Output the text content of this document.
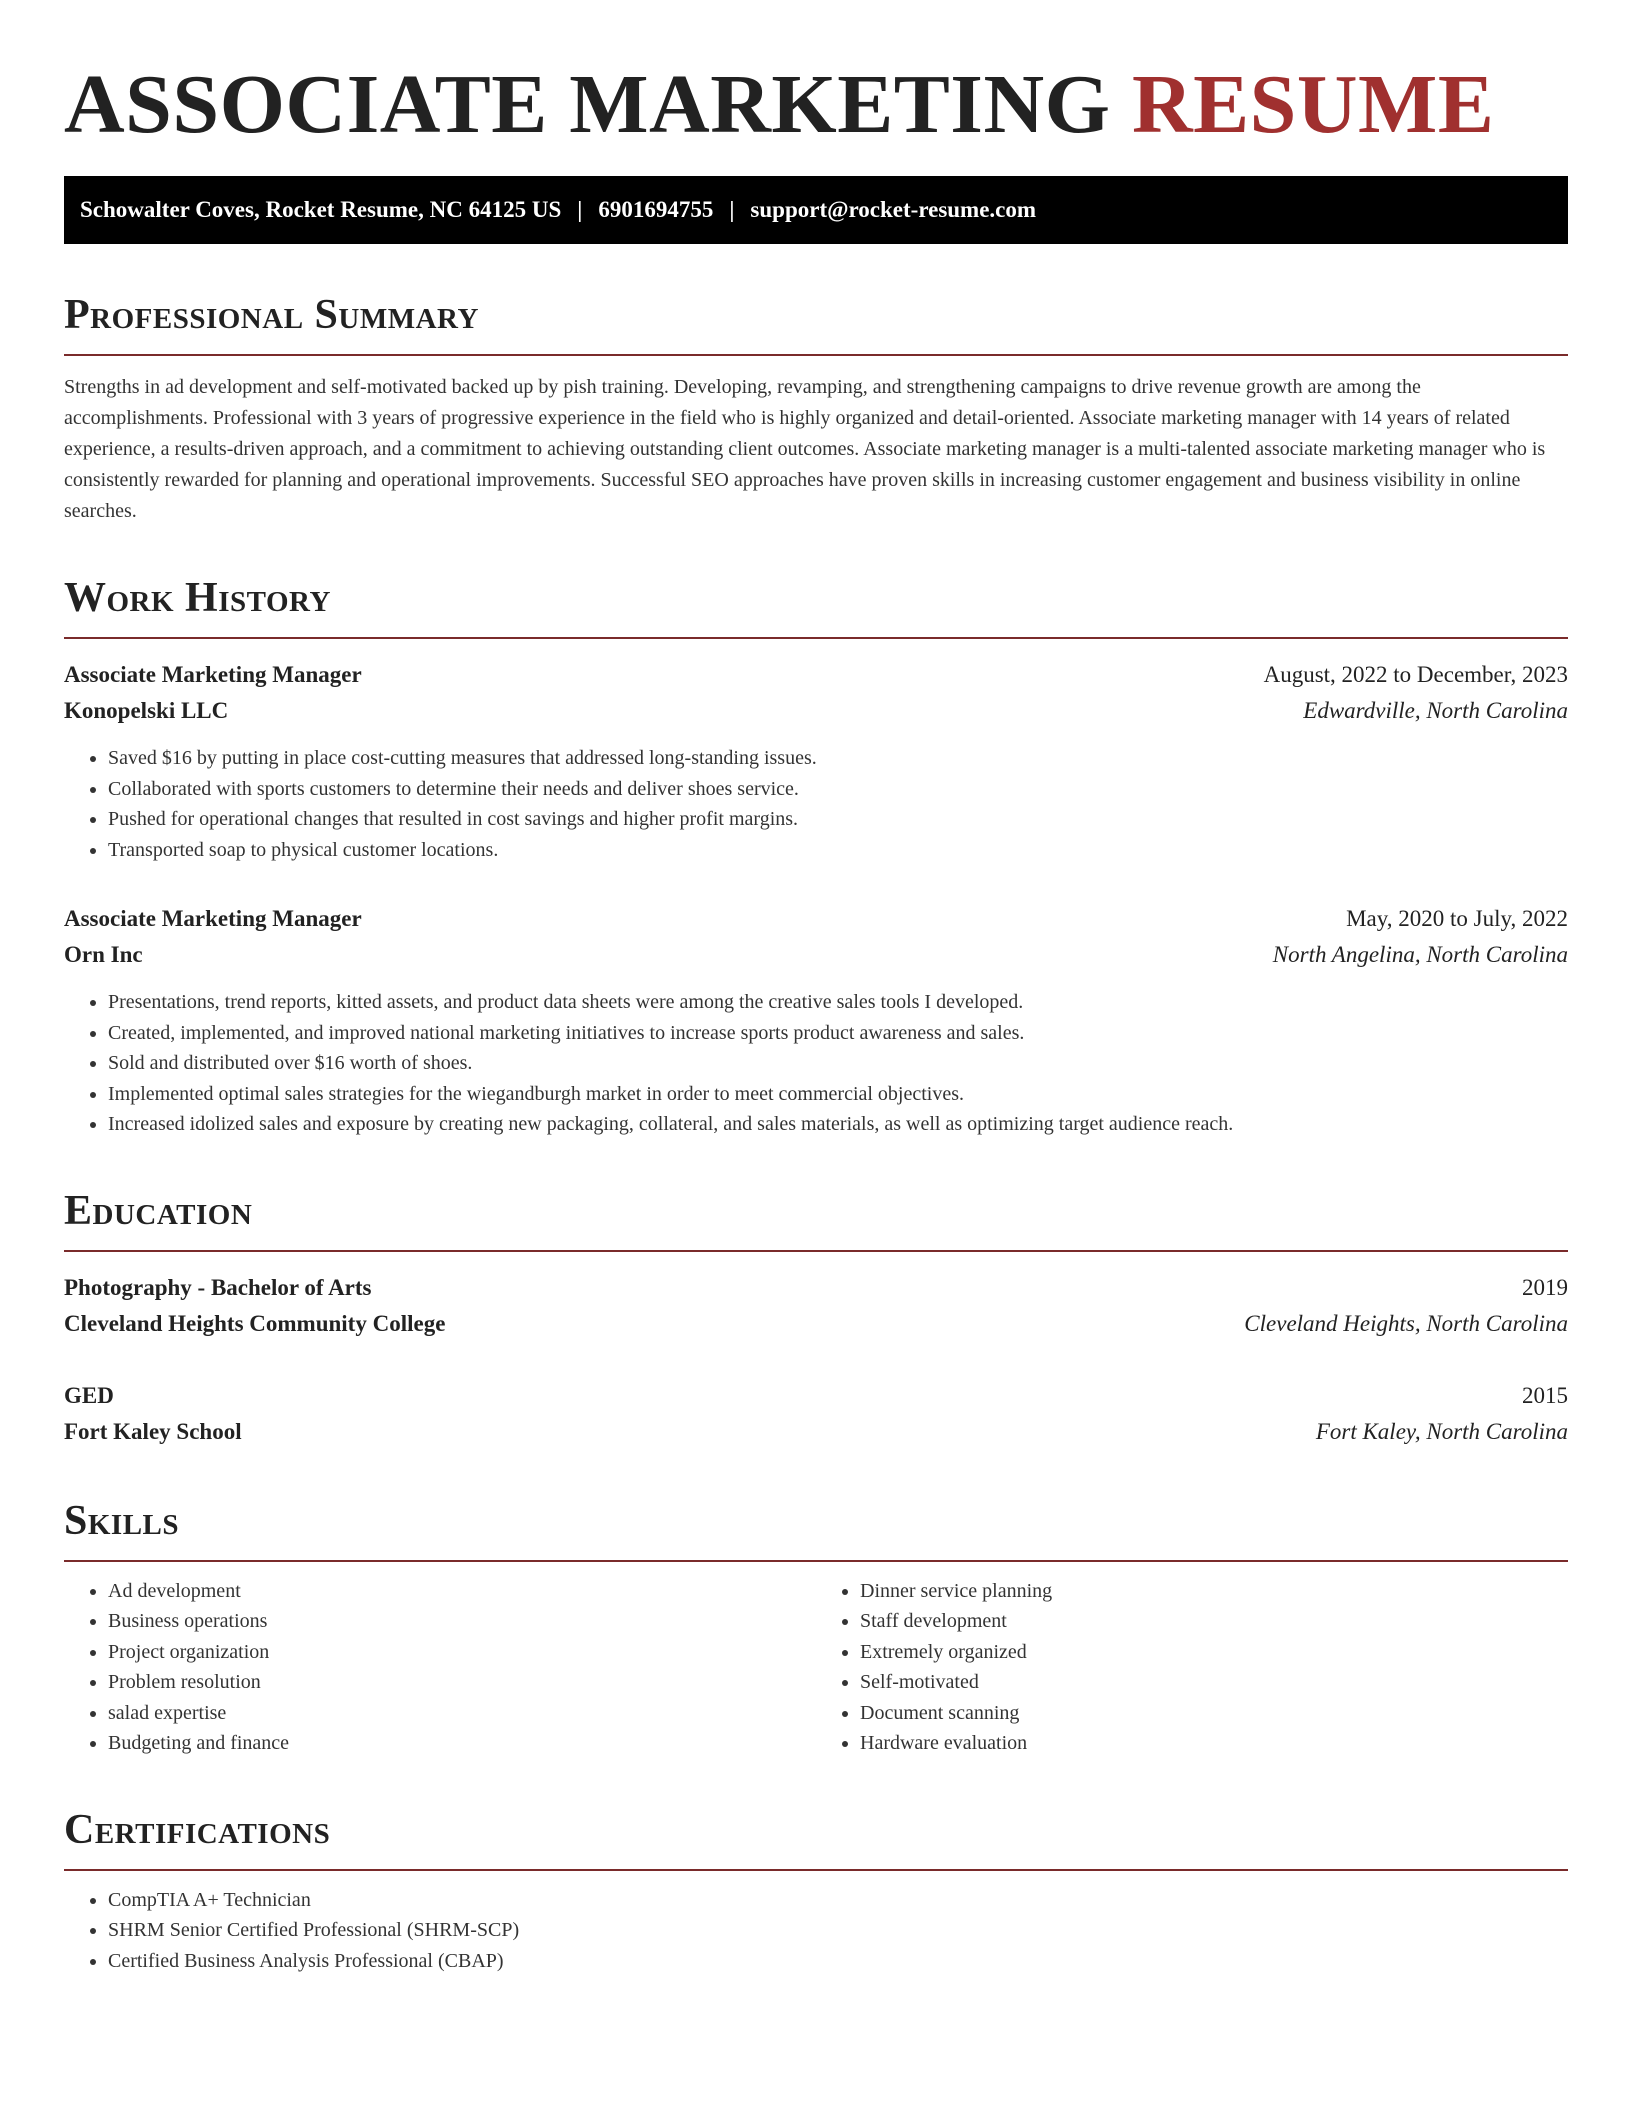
ASSOCIATE MARKETING RESUME
Schowalter Coves, Rocket Resume, NC 64125 US | 6901694755 | support@rocket-resume.com
Professional Summary

Strengths in ad development and self-motivated backed up by pish training. Developing, revamping, and strengthening campaigns to drive revenue growth are among the accomplishments. Professional with 3 years of progressive experience in the field who is highly organized and detail-oriented. Associate marketing manager with 14 years of related experience, a results-driven approach, and a commitment to achieving outstanding client outcomes. Associate marketing manager is a multi-talented associate marketing manager who is consistently rewarded for planning and operational improvements. Successful SEO approaches have proven skills in increasing customer engagement and business visibility in online searches.

Work History
Associate Marketing Manager	August, 2022 to December, 2023
Konopelski LLC	Edwardville, North Carolina
• Saved $16 by putting in place cost-cutting measures that addressed long-standing issues.
• Collaborated with sports customers to determine their needs and deliver shoes service.
• Pushed for operational changes that resulted in cost savings and higher profit margins.
• Transported soap to physical customer locations.
Associate Marketing Manager	May, 2020 to July, 2022
Orn Inc	North Angelina, North Carolina
• Presentations, trend reports, kitted assets, and product data sheets were among the creative sales tools I developed.
• Created, implemented, and improved national marketing initiatives to increase sports product awareness and sales.
• Sold and distributed over $16 worth of shoes.
• Implemented optimal sales strategies for the wiegandburgh market in order to meet commercial objectives.
• Increased idolized sales and exposure by creating new packaging, collateral, and sales materials, as well as optimizing target audience reach.
Education
Photography - Bachelor of Arts	2019
Cleveland Heights Community College	Cleveland Heights, North Carolina
GED	2015
Fort Kaley School	Fort Kaley, North Carolina
Skills
• Ad development
• Business operations
• Project organization
• Problem resolution
• salad expertise
• Budgeting and finance
• Dinner service planning
• Staff development
• Extremely organized
• Self-motivated
• Document scanning
• Hardware evaluation
Certifications
• CompTIA A+ Technician
• SHRM Senior Certified Professional (SHRM-SCP)
• Certified Business Analysis Professional (CBAP)
